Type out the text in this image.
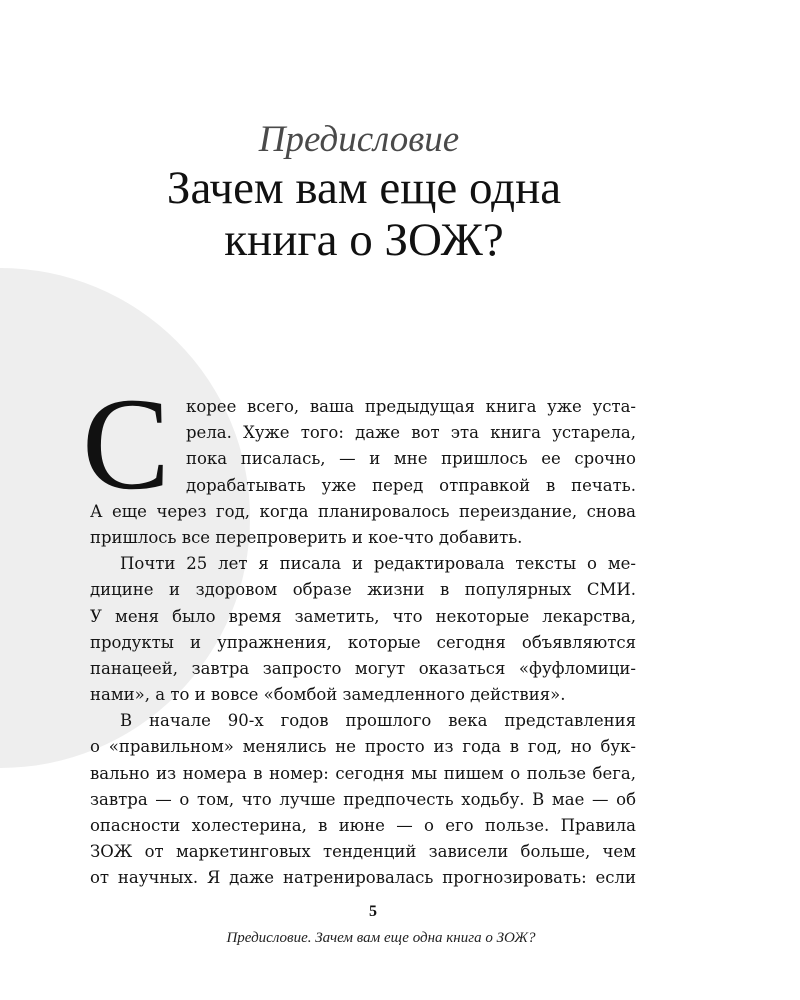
Предисловие
Зачем вам еще одна
книга о ЗОЖ?
С корее всего, ваша предыдущая книга уже уста-
рела. Хуже того: даже вот эта книга устарела,
пока писалась, — и мне пришлось ее срочно
дорабатывать уже перед отправкой в печать.
А еще через год, когда планировалось переиздание, снова
пришлось все перепроверить и кое-что добавить.
Почти 25 лет я писала и редактировала тексты о ме-
дицине и здоровом образе жизни в популярных СМИ.
У меня было время заметить, что некоторые лекарства,
продукты и упражнения, которые сегодня объявляются
панацеей, завтра запросто могут оказаться «фуфломици-
нами», а то и вовсе «бомбой замедленного действия».
В начале 90-х годов прошлого века представления
о «правильном» менялись не просто из года в год, но бук-
вально из номера в номер: сегодня мы пишем о пользе бега,
завтра — о том, что лучше предпочесть ходьбу. В мае — об
опасности холестерина, в июне — о его пользе. Правила
ЗОЖ от маркетинговых тенденций зависели больше, чем
от научных. Я даже натренировалась прогнозировать: если
5
Предисловие. Зачем вам еще одна книга о ЗОЖ?
